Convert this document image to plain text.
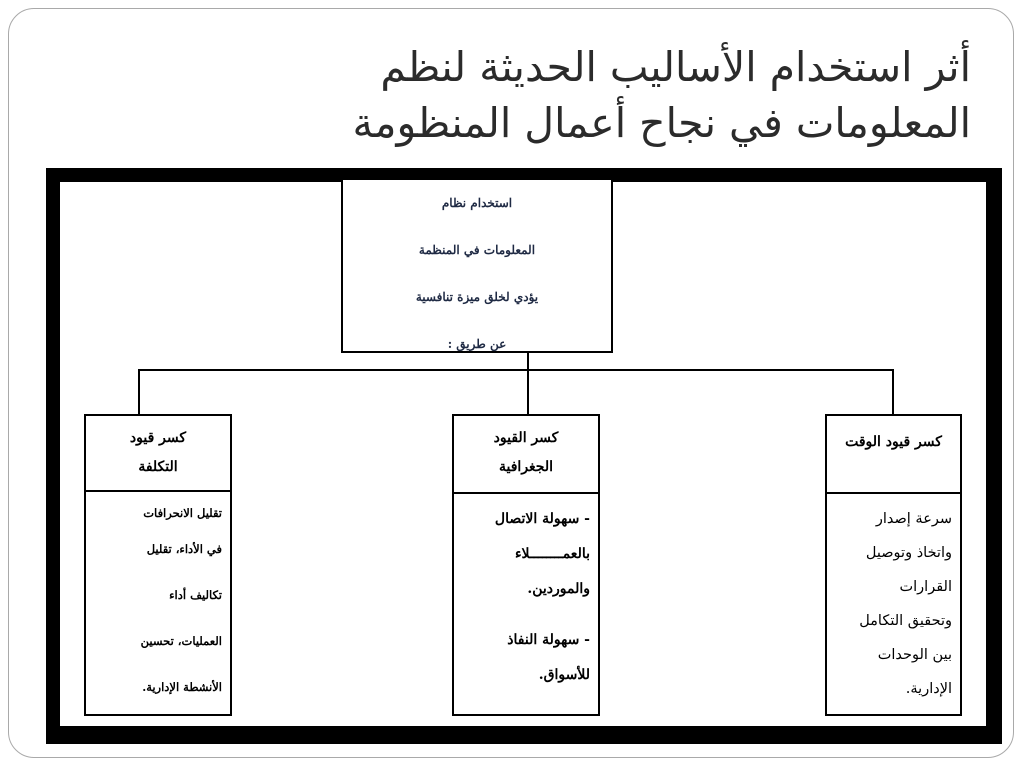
أثر استخدام الأساليب الحديثة لنظم
المعلومات في نجاح أعمال المنظومة
استخدام نظام
المعلومات في المنظمة
يؤدي لخلق ميزة تنافسية
عن طريق :
كسر قيود
التكلفة
تقليل الانحرافات
في الأداء، تقليل
تكاليف أداء
العمليات، تحسين
الأنشطة الإدارية.
كسر القيود
الجغرافية
- سهولة الاتصال
بالعمــــــــلاء
والموردين.
- سهولة النفاذ
للأسواق.
كسر قيود الوقت
سرعة إصدار
واتخاذ وتوصيل
القرارات
وتحقيق التكامل
بين الوحدات
الإدارية.
